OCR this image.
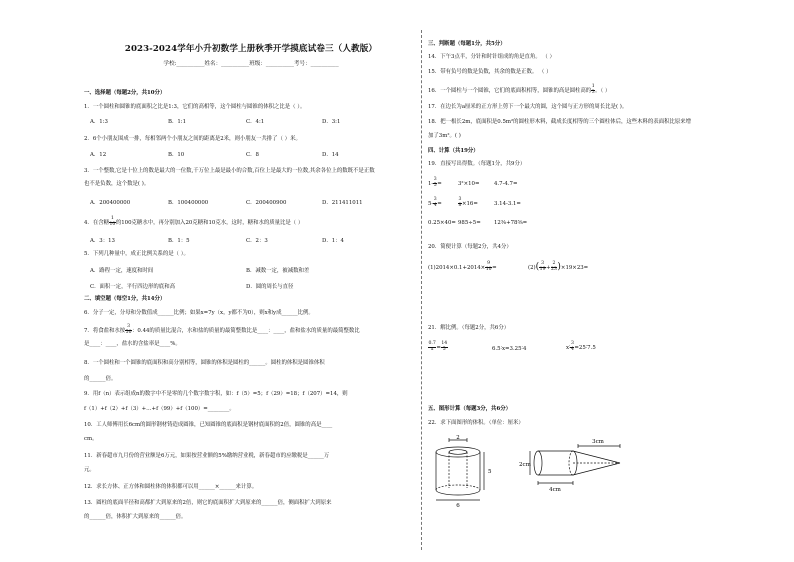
2023-2024学年小升初数学上册秋季开学摸底试卷三（人教版）
学校:__________姓名：__________班级：__________考号：__________
一、选择题（每题2分，共10分）
1．一个圆柱和圆锥的底面积之比是1:3，它们的高相等，这个圆柱与圆锥的体积之比是（ ）。
A．1:3	B．1:1	C．4:1	D．3:1
2．6个小朋友围成一排，每相邻两个小朋友之间的距离是2米，则小朋友一共排了（ ）米。
A．12	B．10	C．8	D．14
3．一个整数,它是十位上的数是最大的一位数,千万位上最是最小的合数,百位上是最大的一位数,其余各位上的数既不是正数
也不是负数，这个数是( )。
A．200400000	B．100400000	C．200400900	D．211411011
4．在含糖 $\frac{1}{10}$ 的100克糖水中，再分别加入20克糖和10克水，这时，糖和水的质量比是（ ）
A．3：13	B．1：5	C．2：3	D．1：4
5．下列几种量中，成正比例关系的是（ ）。
A．路程一定，速度和时间	B．减数一定，被减数和差
C．面积一定，平行四边形的底和高	D．圆的周长与直径
二、填空题（每空1分，共14分）
6．分子一定，分母和分数值成______比例；如果x=7y（x，y都不为0），则x和y成______比例。
7．将食盐和水按 $\frac{3}{50}$ ：0.44的质量比混合，水和盐的质量的最简整数比是____：____，盐和盐水的质量的最简整数比
是____：____，盐水的含盐率是____%。
8．一个圆柱和一个圆锥的底面积和高分别相等，圆锥的体积是圆柱的______。圆柱的体积是圆锥体积
的______倍。
9．用f（n）表示组成n的数字中不是零的几个数字数字积，如：f（5）=5；f（29）=18；f（207）=14，则
f（1）+f（2）+f（3）+…+f（99）+f（100）=________。
10．工人师傅用长6cm的圆形钢材铸造成圆锥，已知圆锥的底面积是钢材底面积的2倍，圆锥的高是____
cm。
11．新春超市九月份的营业额是6万元，如果按营业额的5%缴纳营业税，新春超市的应缴税是______万
元。
12．求长方体、正方体和圆柱体的体积都可以用______×______来计算。
13．圆柱的底面半径和高都扩大到原来的2倍，则它的底面积扩大到原来的______倍，侧面积扩大到原来
的______倍，体积扩大到原来的______倍。
三、判断题（每题1分，共5分）
14．下午3点半，分针和时针组成的角是直角。 （ ）
15．带有负号的数是负数，其余的数是正数。 （ ）
16．一个圆柱与一个圆锥，它们的底面积相等，圆锥的高是圆柱高的 $\frac{1}{3}$ 。（ ）
17．在边长为a厘米的正方形上剪下一个最大的圆，这个圆与正方形的周长比是( )。
18．把一根长2m，底面积是0.5m²的圆柱形木料，截成长度相等的三个圆柱体后，这些木料的表面积比原来增
加了3m²。( )
四、计算（共19分）
19．直接写出得数。（每题1分，共9分）
$1- \frac{3}{5}$ =	3²×10=	4.7-4.7=
$5- \frac{3}{4}$ =	$\frac{3}{8} \times 16=$	3.14-3.1=
0.25×40= 985÷5= 12⅜+78⅜=
20．简便计算（每题2分，共4分）
$(1)2014\times 0.1+2014\times \frac{9}{10}$ =	$(2)( \frac{3}{19} + \frac{2}{23} )\times 19\times 23=$
21．解比例。（每题2分，共6分）
$\frac{0.7}{x} = \frac{14}{5}$	6.5∶x=3.25∶4	x∶ $\frac{3}{4}$ =25∶7.5
五、图形计算（每题3分，共6分）
22．求下面图形的体积。（单位：厘米）
2
5
6
3cm
2cm
4cm
